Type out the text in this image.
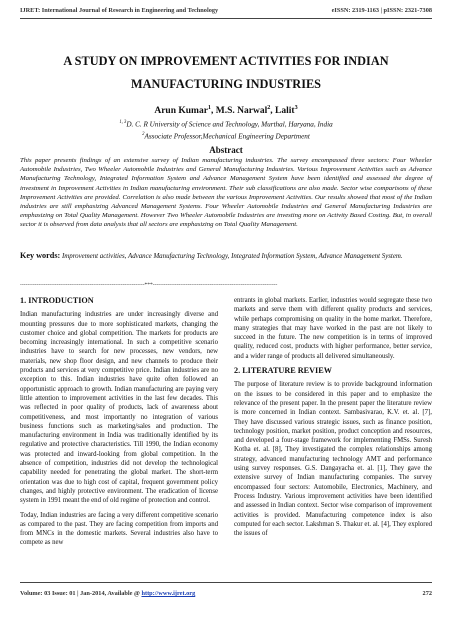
IJRET: International Journal of Research in Engineering and Technology	eISSN: 2319-1163 | pISSN: 2321-7308
A STUDY ON IMPROVEMENT ACTIVITIES FOR INDIAN
MANUFACTURING INDUSTRIES
Arun Kumar$^1$, M.S. Narwal$^2$, Lalit$^3$
$^{1, 3}$D. C. R University of Science and Technology, Murthal, Haryana, India
$^2$Associate Professor,Mechanical Engineering Department
Abstract
This paper presents findings of an extensive survey of Indian manufacturing industries. The survey encompassed three sectors: Four Wheeler Automobile Industries, Two Wheeler Automobile Industries and General Manufacturing Industries. Various Improvement Activities such as Advance Manufacturing Technology, Integrated Information System and Advance Management System have been identified and assessed the degree of investment in Improvement Activities in Indian manufacturing environment. Their sub classifications are also made. Sector wise comparisons of these Improvement Activities are provided. Correlation is also made between the various Improvement Activities. Our results showed that most of the Indian industries are still emphasizing Advanced Management Systems. Four Wheeler Automobile Industries and General Manufacturing Industries are emphasizing on Total Quality Management. However Two Wheeler Automobile Industries are investing more on Activity Based Costing. But, in overall sector it is observed from data analysis that all sectors are emphasizing on Total Quality Management.
Key words: Improvement activities, Advance Manufacturing Technology, Integrated Information System, Advance Management System.
--------------------------------------------------------------------***--------------------------------------------------------------------
1. INTRODUCTION

Indian manufacturing industries are under increasingly diverse and mounting pressures due to more sophisticated markets, changing the customer choice and global competition. The markets for products are becoming increasingly international. In such a competitive scenario industries have to search for new processes, new vendors, new materials, new shop floor design, and new channels to produce their products and services at very competitive price. Indian industries are no exception to this. Indian industries have quite often followed an opportunistic approach to growth. Indian manufacturing are paying very little attention to improvement activities in the last few decades. This was reflected in poor quality of products, lack of awareness about competitiveness, and most importantly no integration of various business functions such as marketing/sales and production. The manufacturing environment in India was traditionally identified by its regulative and protective characteristics. Till 1990, the Indian economy was protected and inward-looking from global competition. In the absence of competition, industries did not develop the technological capability needed for penetrating the global market. The short-term orientation was due to high cost of capital, frequent government policy changes, and highly protective environment. The eradication of license system in 1991 meant the end of old regime of protection and control.

Today, Indian industries are facing a very different competitive scenario as compared to the past. They are facing competition from imports and from MNCs in the domestic markets. Several industries also have to compete as new

entrants in global markets. Earlier, industries would segregate these two markets and serve them with different quality products and services, while perhaps compromising on quality in the home market. Therefore, many strategies that may have worked in the past are not likely to succeed in the future. The new competition is in terms of improved quality, reduced cost, products with higher performance, better service, and a wider range of products all delivered simultaneously.

2. LITERATURE REVIEW

The purpose of literature review is to provide background information on the issues to be considered in this paper and to emphasize the relevance of the present paper. In the present paper the literature review is more concerned in Indian context. Sambasivarao, K.V. et. al. [7], They have discussed various strategic issues, such as finance position, technology position, market position, product conception and resources, and developed a four-stage framework for implementing FMSs. Suresh Kotha et. al. [8], They investigated the complex relationships among strategy, advanced manufacturing technology AMT and performance using survey responses. G.S. Dangayacha et. al. [1], They gave the extensive survey of Indian manufacturing companies. The survey encompassed four sectors: Automobile, Electronics, Machinery, and Process Industry. Various improvement activities have been identified and assessed in Indian context. Sector wise comparison of improvement activities is provided. Manufacturing competence index is also computed for each sector. Lakshman S. Thakur et. al. [4], They explored the issues of

Volume: 03 Issue: 01 | Jan-2014, Available @ http://www.ijret.org	272
